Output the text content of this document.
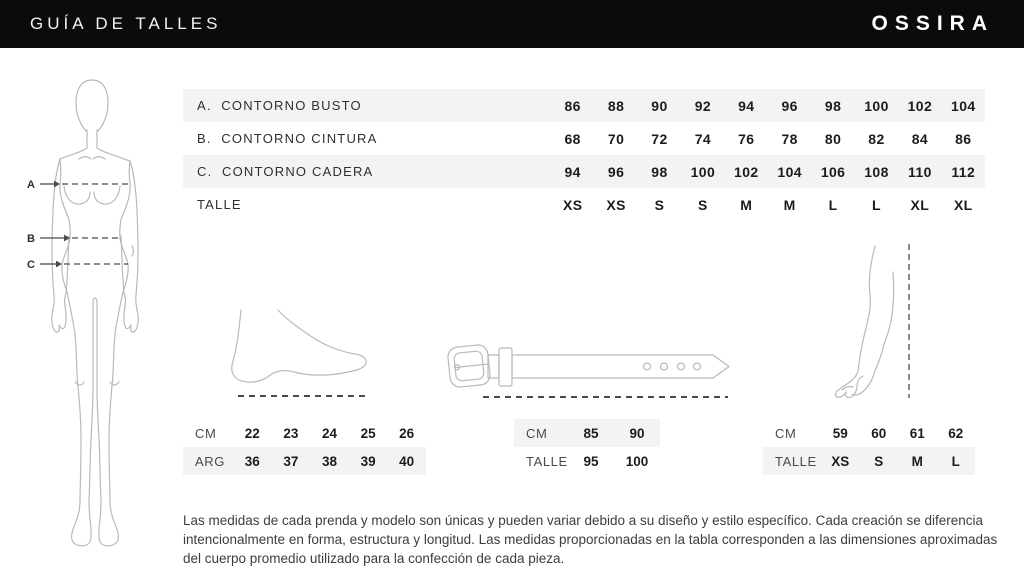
GUÍA DE TALLES	OSSIRA
A
B
C
A.  CONTORNO BUSTO	86	88	90	92	94	96	98	100	102	104
B.  CONTORNO CINTURA	68	70	72	74	76	78	80	82	84	86
C.  CONTORNO CADERA	94	96	98	100	102	104	106	108	110	112
TALLE	XS	XS	S	S	M	M	L	L	XL	XL
CM	22	23	24	25	26
ARG	36	37	38	39	40
CM	85	90
TALLE	95	100
CM	59	60	61	62
TALLE	XS	S	M	L

Las medidas de cada prenda y modelo son únicas y pueden variar debido a su diseño y estilo específico. Cada creación se diferencia intencionalmente en forma, estructura y longitud. Las medidas proporcionadas en la tabla corresponden a las dimensiones aproximadas del cuerpo promedio utilizado para la confección de cada pieza.
